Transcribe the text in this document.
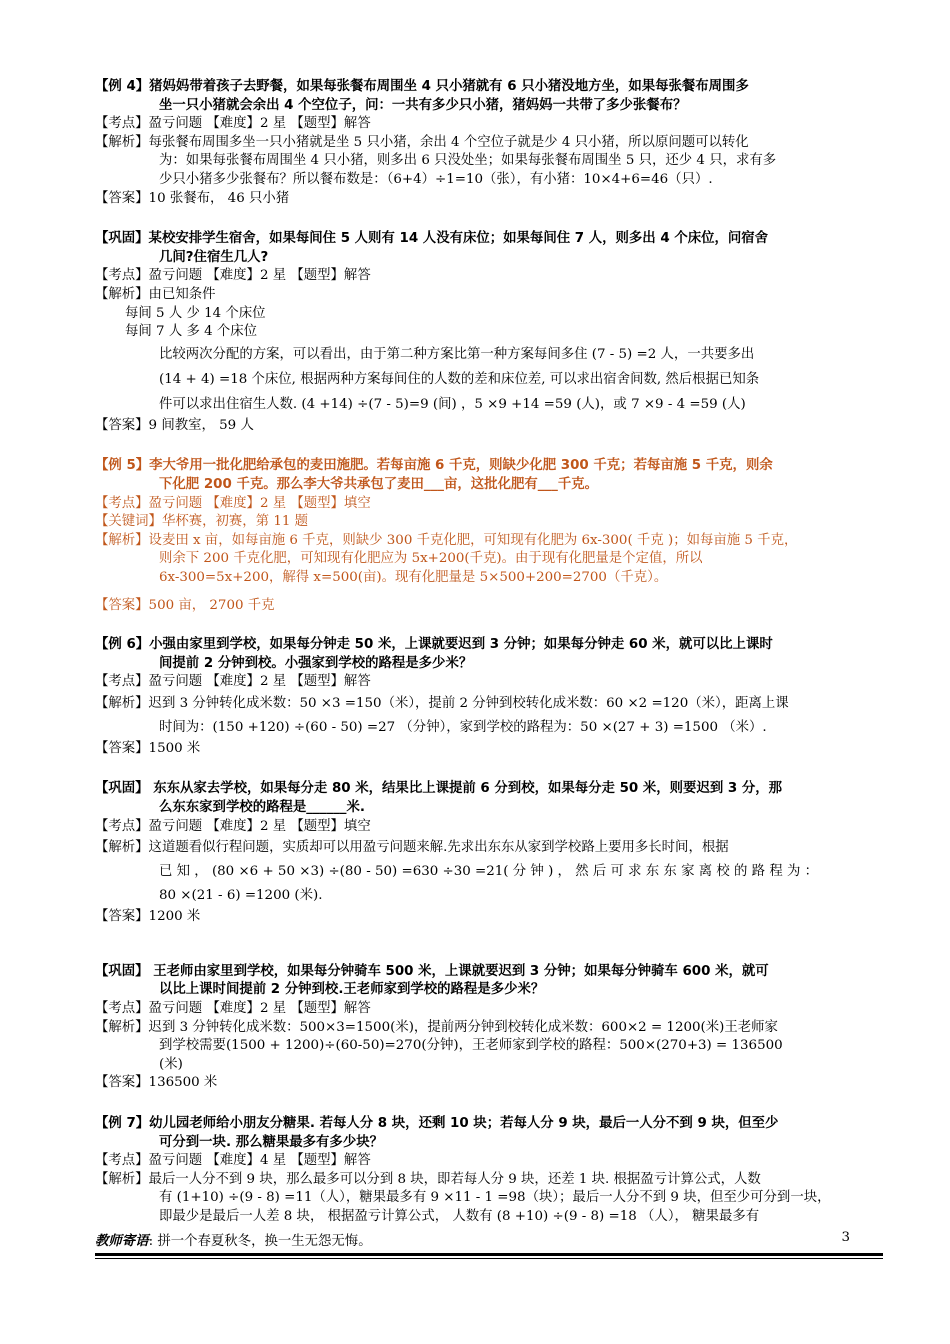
【例 4】猪妈妈带着孩子去野餐，如果每张餐布周围坐 4 只小猪就有 6 只小猪没地方坐，如果每张餐布周围多
坐一只小猪就会余出 4 个空位子，问：一共有多少只小猪，猪妈妈一共带了多少张餐布？
【考点】盈亏问题 【难度】2 星 【题型】解答
【解析】每张餐布周围多坐一只小猪就是坐 5 只小猪，余出 4 个空位子就是少 4 只小猪，所以原问题可以转化
为：如果每张餐布周围坐 4 只小猪，则多出 6 只没处坐；如果每张餐布周围坐 5 只，还少 4 只，求有多
少只小猪多少张餐布？所以餐布数是：（6+4）÷1=10（张），有小猪：10×4+6=46（只）.
【答案】10 张餐布， 46 只小猪
【巩固】某校安排学生宿舍，如果每间住 5 人则有 14 人没有床位；如果每间住 7 人，则多出 4 个床位，问宿舍
几间?住宿生几人?
【考点】盈亏问题 【难度】2 星 【题型】解答
【解析】由已知条件
每间 5 人 少 14 个床位
每间 7 人 多 4 个床位
比较两次分配的方案，可以看出，由于第二种方案比第一种方案每间多住 (7 - 5) =2 人，一共要多出
(14 + 4) =18 个床位, 根据两种方案每间住的人数的差和床位差, 可以求出宿舍间数, 然后根据已知条
件可以求出住宿生人数. (4 +14) ÷(7 - 5)=9 (间) ，5 ×9 +14 =59 (人)，或 7 ×9 - 4 =59 (人)
【答案】9 间教室， 59 人
【例 5】李大爷用一批化肥给承包的麦田施肥。若每亩施 6 千克，则缺少化肥 300 千克；若每亩施 5 千克，则余
下化肥 200 千克。那么李大爷共承包了麦田___亩，这批化肥有___千克。
【考点】盈亏问题 【难度】2 星 【题型】填空
【关键词】华杯赛，初赛，第 11 题
【解析】设麦田 x 亩，如每亩施 6 千克，则缺少 300 千克化肥，可知现有化肥为 6x-300( 千克 )；如每亩施 5 千克，
则余下 200 千克化肥，可知现有化肥应为 5x+200(千克)。由于现有化肥量是个定值，所以
6x-300=5x+200，解得 x=500(亩)。现有化肥量是 5×500+200=2700（千克）。
【答案】500 亩， 2700 千克
【例 6】小强由家里到学校，如果每分钟走 50 米，上课就要迟到 3 分钟；如果每分钟走 60 米，就可以比上课时
间提前 2 分钟到校。小强家到学校的路程是多少米？
【考点】盈亏问题 【难度】2 星 【题型】解答
【解析】迟到 3 分钟转化成米数：50 ×3 =150（米），提前 2 分钟到校转化成米数：60 ×2 =120（米），距离上课
时间为：(150 +120) ÷(60 - 50) =27 （分钟），家到学校的路程为：50 ×(27 + 3) =1500 （米）.
【答案】1500 米
【巩固】 东东从家去学校，如果每分走 80 米，结果比上课提前 6 分到校，如果每分走 50 米，则要迟到 3 分，那
么东东家到学校的路程是______米.
【考点】盈亏问题 【难度】2 星 【题型】填空
【解析】这道题看似行程问题，实质却可以用盈亏问题来解.先求出东东从家到学校路上要用多长时间，根据
已 知 ， (80 ×6 + 50 ×3) ÷(80 - 50) =630 ÷30 =21( 分 钟 ) ， 然 后 可 求 东 东 家 离 校 的 路 程 为 ：
80 ×(21 - 6) =1200 (米).
【答案】1200 米
【巩固】 王老师由家里到学校，如果每分钟骑车 500 米，上课就要迟到 3 分钟；如果每分钟骑车 600 米，就可
以比上课时间提前 2 分钟到校.王老师家到学校的路程是多少米？
【考点】盈亏问题 【难度】2 星 【题型】解答
【解析】迟到 3 分钟转化成米数：500×3=1500(米)，提前两分钟到校转化成米数：600×2 = 1200(米)王老师家
到学校需要(1500 + 1200)÷(60-50)=270(分钟)，王老师家到学校的路程：500×(270+3) = 136500
(米)
【答案】136500 米
【例 7】幼儿园老师给小朋友分糖果. 若每人分 8 块，还剩 10 块；若每人分 9 块，最后一人分不到 9 块，但至少
可分到一块. 那么糖果最多有多少块？
【考点】盈亏问题 【难度】4 星 【题型】解答
【解析】最后一人分不到 9 块，那么最多可以分到 8 块，即若每人分 9 块，还差 1 块. 根据盈亏计算公式，人数
有 (1+10) ÷(9 - 8) =11（人），糖果最多有 9 ×11 - 1 =98（块）；最后一人分不到 9 块，但至少可分到一块，
即最少是最后一人差 8 块， 根据盈亏计算公式， 人数有 (8 +10) ÷(9 - 8) =18 （人）， 糖果最多有
教师寄语: 拼一个春夏秋冬，换一生无怨无悔。	3
